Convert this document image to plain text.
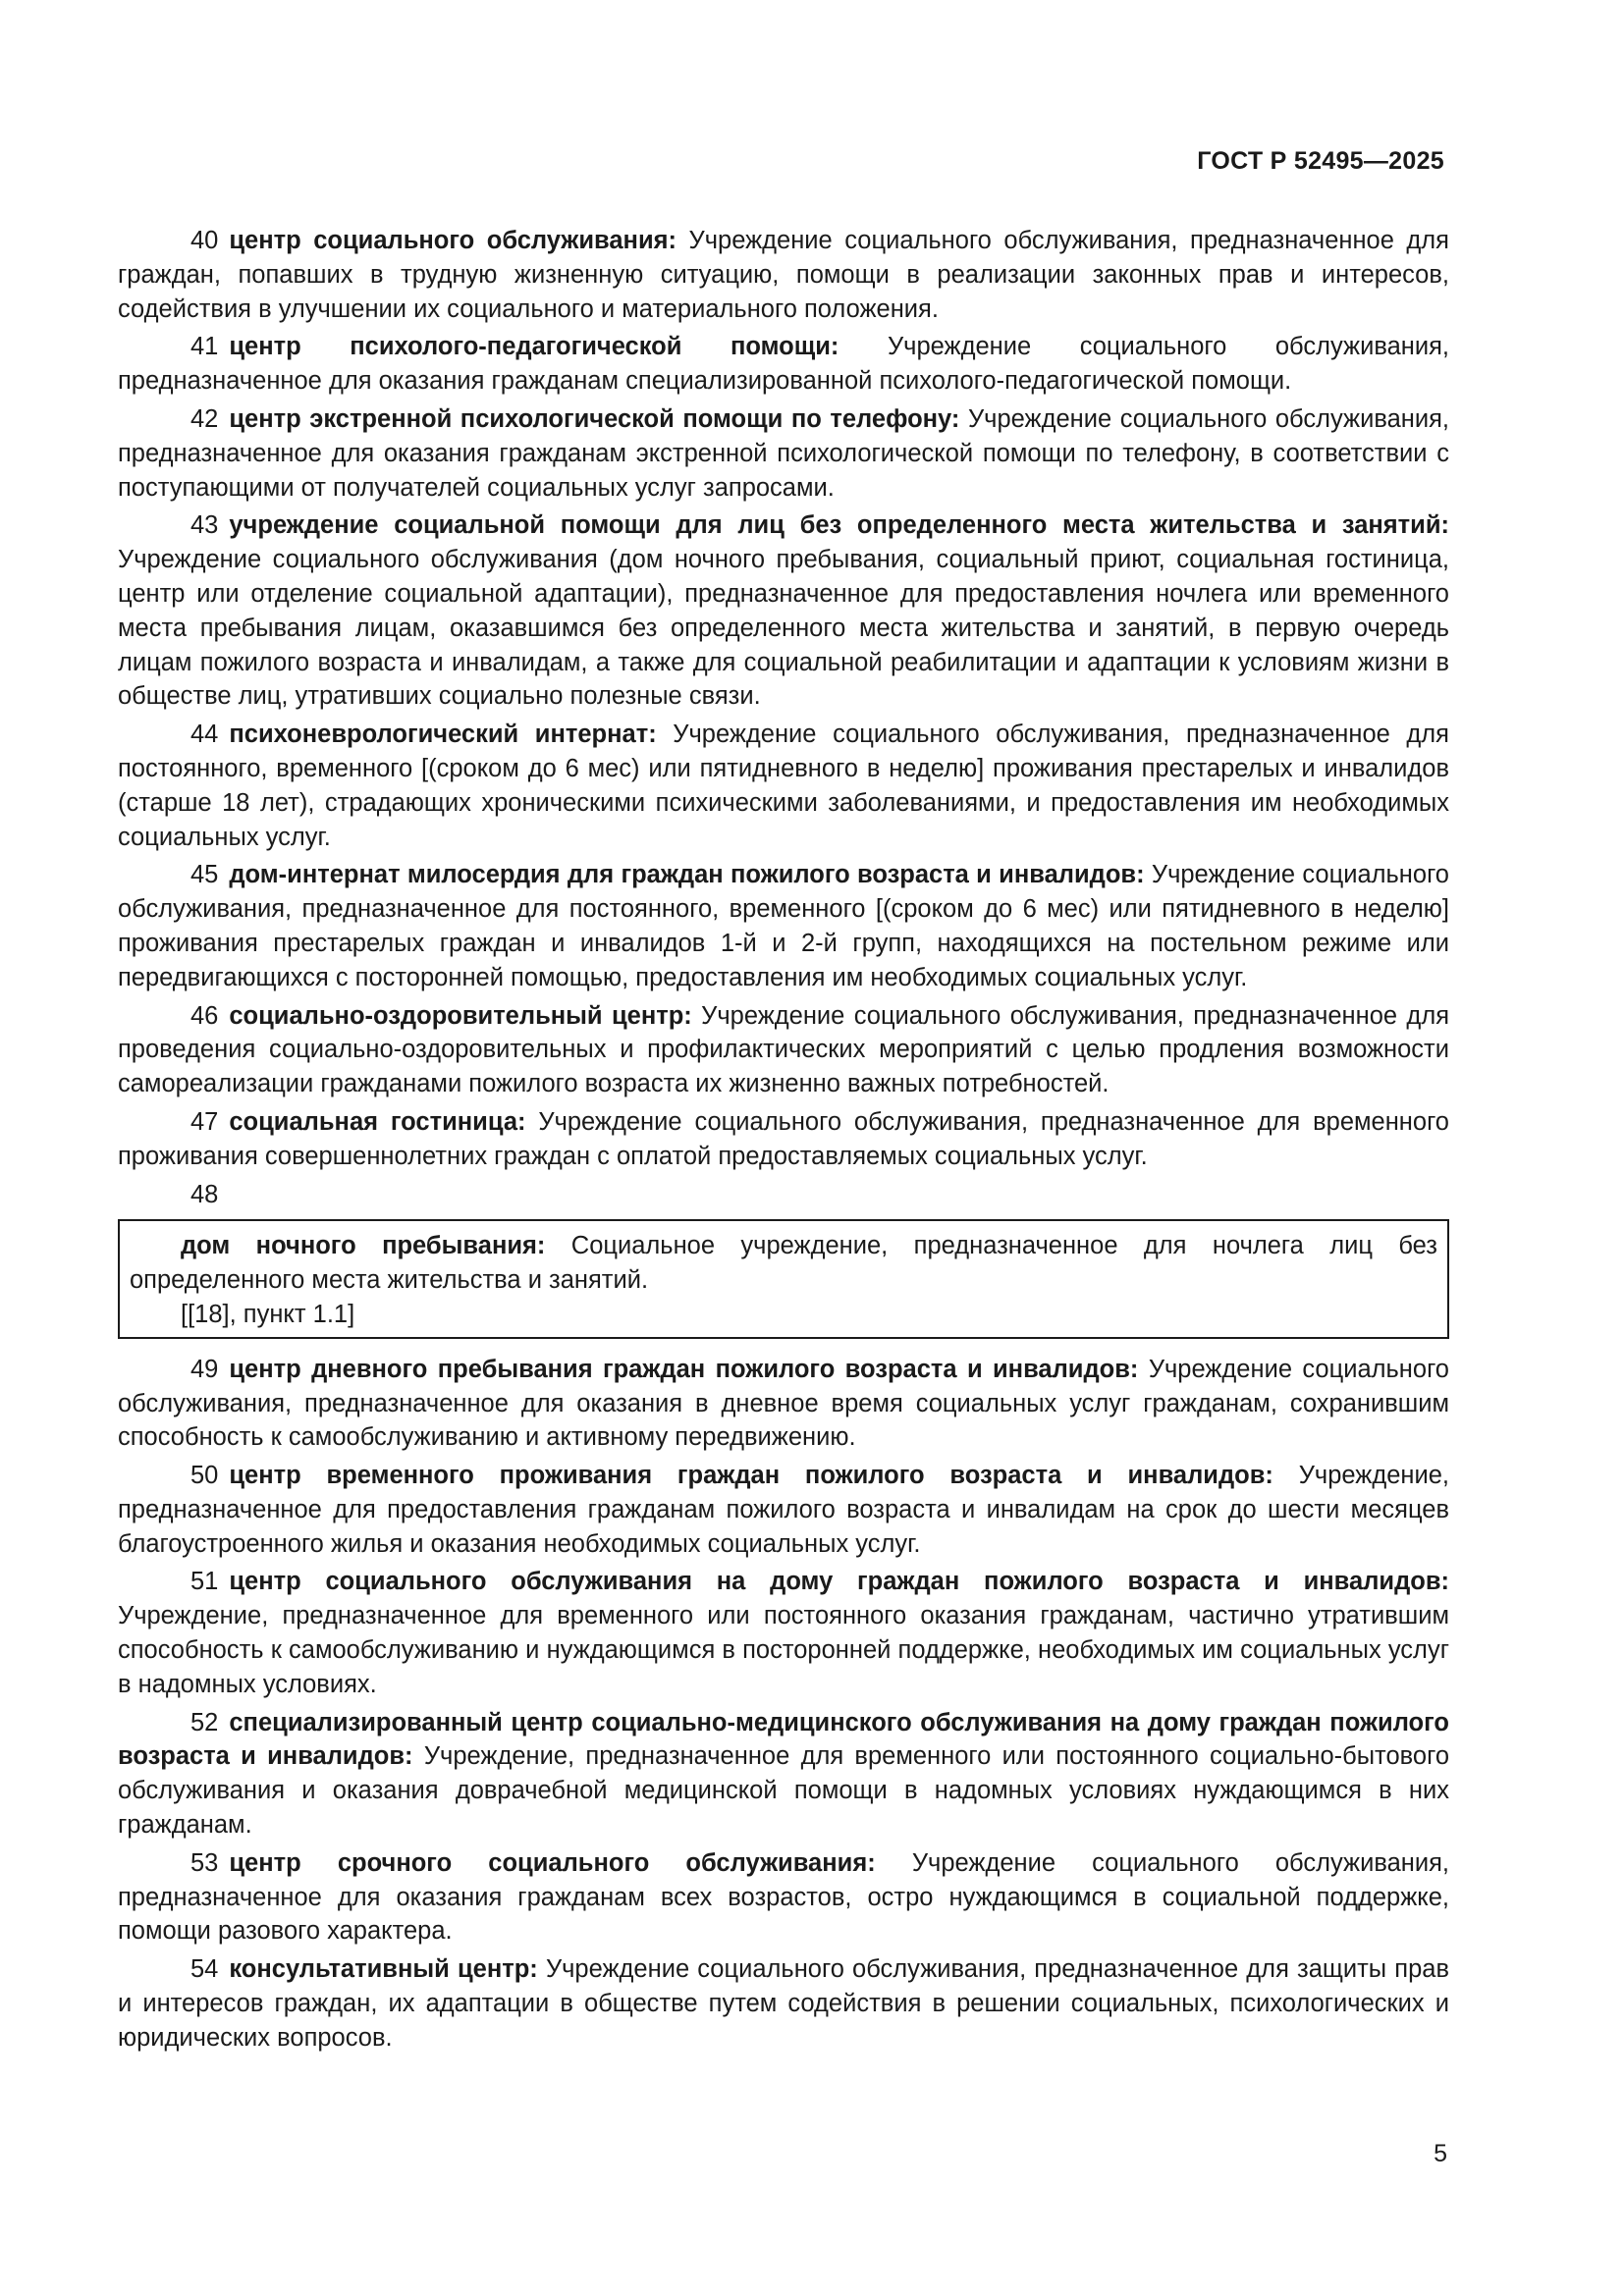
ГОСТ Р 52495—2025

40 центр социального обслуживания: Учреждение социального обслуживания, предназначенное для граждан, попавших в трудную жизненную ситуацию, помощи в реализации законных прав и интересов, содействия в улучшении их социального и материального положения.

41 центр психолого-педагогической помощи: Учреждение социального обслуживания, предназначенное для оказания гражданам специализированной психолого-педагогической помощи.

42 центр экстренной психологической помощи по телефону: Учреждение социального обслуживания, предназначенное для оказания гражданам экстренной психологической помощи по телефону, в соответствии с поступающими от получателей социальных услуг запросами.

43 учреждение социальной помощи для лиц без определенного места жительства и занятий: Учреждение социального обслуживания (дом ночного пребывания, социальный приют, социальная гостиница, центр или отделение социальной адаптации), предназначенное для предоставления ночлега или временного места пребывания лицам, оказавшимся без определенного места жительства и занятий, в первую очередь лицам пожилого возраста и инвалидам, а также для социальной реабилитации и адаптации к условиям жизни в обществе лиц, утративших социально полезные связи.

44 психоневрологический интернат: Учреждение социального обслуживания, предназначенное для постоянного, временного [(сроком до 6 мес) или пятидневного в неделю] проживания престарелых и инвалидов (старше 18 лет), страдающих хроническими психическими заболеваниями, и предоставления им необходимых социальных услуг.

45 дом-интернат милосердия для граждан пожилого возраста и инвалидов: Учреждение социального обслуживания, предназначенное для постоянного, временного [(сроком до 6 мес) или пятидневного в неделю] проживания престарелых граждан и инвалидов 1-й и 2-й групп, находящихся на постельном режиме или передвигающихся с посторонней помощью, предоставления им необходимых социальных услуг.

46 социально-оздоровительный центр: Учреждение социального обслуживания, предназначенное для проведения социально-оздоровительных и профилактических мероприятий с целью продления возможности самореализации гражданами пожилого возраста их жизненно важных потребностей.

47 социальная гостиница: Учреждение социального обслуживания, предназначенное для временного проживания совершеннолетних граждан с оплатой предоставляемых социальных услуг.

48

дом ночного пребывания: Социальное учреждение, предназначенное для ночлега лиц без определенного места жительства и занятий.

[[18], пункт 1.1]

49 центр дневного пребывания граждан пожилого возраста и инвалидов: Учреждение социального обслуживания, предназначенное для оказания в дневное время социальных услуг гражданам, сохранившим способность к самообслуживанию и активному передвижению.

50 центр временного проживания граждан пожилого возраста и инвалидов: Учреждение, предназначенное для предоставления гражданам пожилого возраста и инвалидам на срок до шести месяцев благоустроенного жилья и оказания необходимых социальных услуг.

51 центр социального обслуживания на дому граждан пожилого возраста и инвалидов: Учреждение, предназначенное для временного или постоянного оказания гражданам, частично утратившим способность к самообслуживанию и нуждающимся в посторонней поддержке, необходимых им социальных услуг в надомных условиях.

52 специализированный центр социально-медицинского обслуживания на дому граждан пожилого возраста и инвалидов: Учреждение, предназначенное для временного или постоянного социально-бытового обслуживания и оказания доврачебной медицинской помощи в надомных условиях нуждающимся в них гражданам.

53 центр срочного социального обслуживания: Учреждение социального обслуживания, предназначенное для оказания гражданам всех возрастов, остро нуждающимся в социальной поддержке, помощи разового характера.

54 консультативный центр: Учреждение социального обслуживания, предназначенное для защиты прав и интересов граждан, их адаптации в обществе путем содействия в решении социальных, психологических и юридических вопросов.

5
